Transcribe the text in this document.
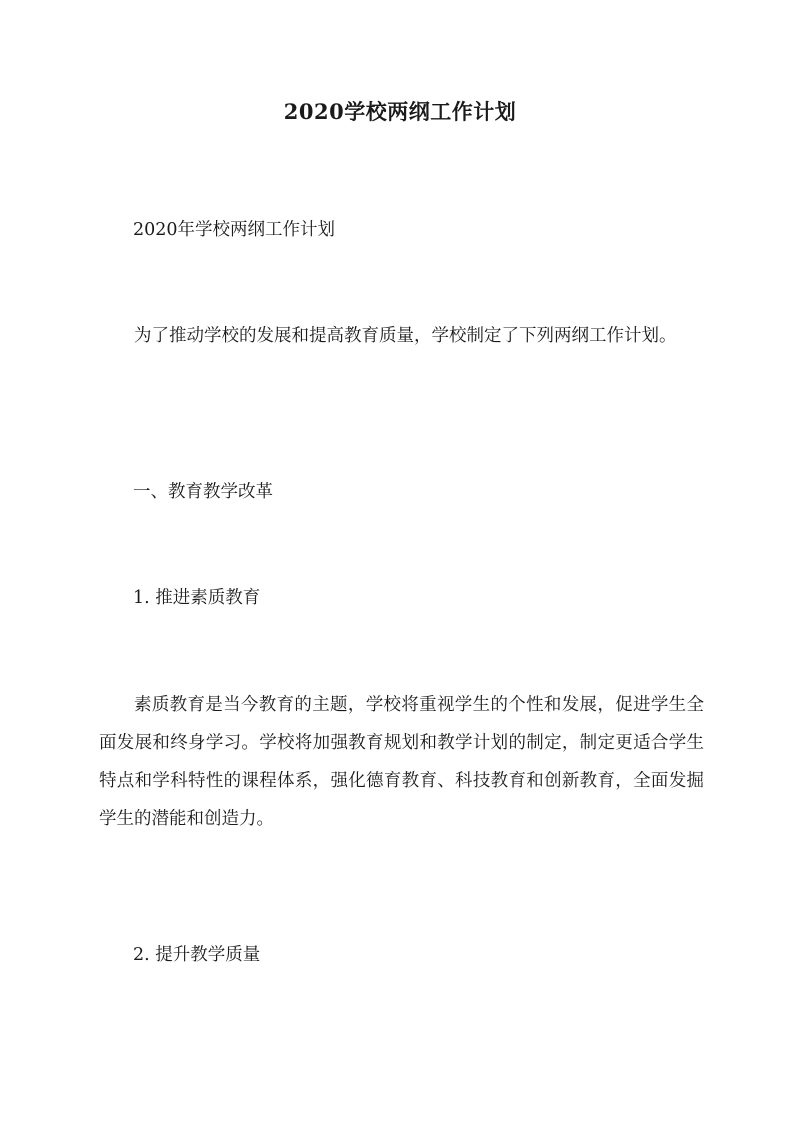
2020学校两纲工作计划
2020年学校两纲工作计划
为了推动学校的发展和提高教育质量，学校制定了下列两纲工作计划。
一、教育教学改革
1. 推进素质教育
素质教育是当今教育的主题，学校将重视学生的个性和发展，促进学生全面发展和终身学习。学校将加强教育规划和教学计划的制定，制定更适合学生特点和学科特性的课程体系，强化德育教育、科技教育和创新教育，全面发掘学生的潜能和创造力。
2. 提升教学质量
